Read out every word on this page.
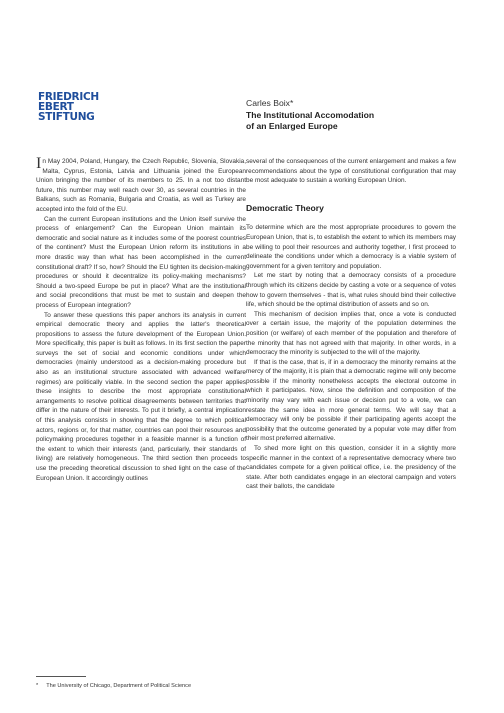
FRIEDRICH
EBERT
STIFTUNG
Carles Boix*
The Institutional Accomodation
of an Enlarged Europe

In May 2004, Poland, Hungary, the Czech Republic, Slovenia, Slovakia, Malta, Cyprus, Estonia, Latvia and Lithuania joined the European Union bringing the number of its members to 25. In a not too distant future, this number may well reach over 30, as several countries in the Balkans, such as Romania, Bulgaria and Croatia, as well as Turkey are accepted into the fold of the EU.

Can the current European institutions and the Union itself survive the process of enlargement? Can the European Union maintain its democratic and social nature as it includes some of the poorest countries of the continent? Must the European Union reform its institutions in a more drastic way than what has been accomplished in the current constitutional draft? If so, how? Should the EU tighten its decision-making procedures or should it decentralize its policy-making mechanisms? Should a two-speed Europe be put in place? What are the institutional and social preconditions that must be met to sustain and deepen the process of European integration?

To answer these questions this paper anchors its analysis in current empirical democratic theory and applies the latter's theoretical propositions to assess the future development of the European Union. More specifically, this paper is built as follows. In its first section the paper surveys the set of social and economic conditions under which democracies (mainly understood as a decision-making procedure but also as an institutional structure associated with advanced welfare regimes) are politically viable. In the second section the paper applies these insights to describe the most appropriate constitutional arrangements to resolve political disagreements between territories that differ in the nature of their interests. To put it briefly, a central implication of this analysis consists in showing that the degree to which political actors, regions or, for that matter, countries can pool their resources and policymaking procedures together in a feasible manner is a function of the extent to which their interests (and, particularly, their standards of living) are relatively homogeneous. The third section then proceeds to use the preceding theoretical discussion to shed light on the case of the European Union. It accordingly outlines

several of the consequences of the current enlargement and makes a few recommendations about the type of constitutional configuration that may be most adequate to sustain a working European Union.

Democratic Theory

To determine which are the most appropriate procedures to govern the European Union, that is, to establish the extent to which its members may be willing to pool their resources and authority together, I first proceed to delineate the conditions under which a democracy is a viable system of government for a given territory and population.

Let me start by noting that a democracy consists of a procedure through which its citizens decide by casting a vote or a sequence of votes how to govern themselves - that is, what rules should bind their collective life, which should be the optimal distribution of assets and so on.

This mechanism of decision implies that, once a vote is conducted over a certain issue, the majority of the population determines the position (or welfare) of each member of the population and therefore of the minority that has not agreed with that majority. In other words, in a democracy the minority is subjected to the will of the majority.

If that is the case, that is, if in a democracy the minority remains at the mercy of the majority, it is plain that a democratic regime will only become possible if the minority nonetheless accepts the electoral outcome in which it participates. Now, since the definition and composition of the minority may vary with each issue or decision put to a vote, we can restate the same idea in more general terms. We will say that a democracy will only be possible if their participating agents accept the possibility that the outcome generated by a popular vote may differ from their most preferred alternative.

To shed more light on this question, consider it in a slightly more specific manner in the context of a representative democracy where two candidates compete for a given political office, i.e. the presidency of the state. After both candidates engage in an electoral campaign and voters cast their ballots, the candidate

* The University of Chicago, Department of Political Science
